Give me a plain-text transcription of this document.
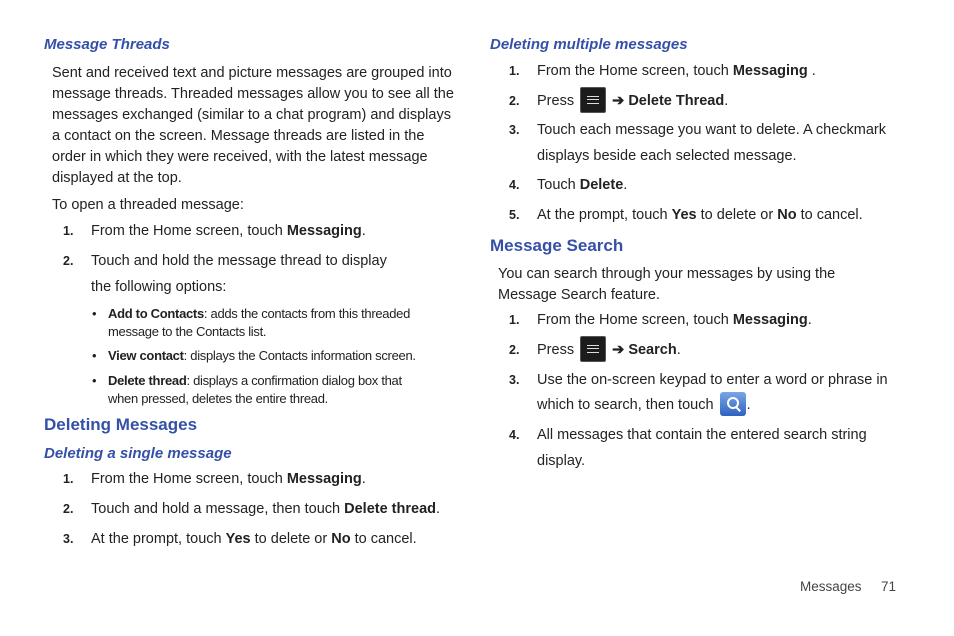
Message Threads

Sent and received text and picture messages are grouped into message threads. Threaded messages allow you to see all the messages exchanged (similar to a chat program) and displays a contact on the screen. Message threads are listed in the order in which they were received, with the latest message displayed at the top.

To open a threaded message:

1. From the Home screen, touch Messaging.
2. Touch and hold the message thread to display the following options:
• Add to Contacts: adds the contacts from this threaded message to the Contacts list.
• View contact: displays the Contacts information screen.
• Delete thread: displays a confirmation dialog box that when pressed, deletes the entire thread.
Deleting Messages
Deleting a single message
1. From the Home screen, touch Messaging.
2. Touch and hold a message, then touch Delete thread.
3. At the prompt, touch Yes to delete or No to cancel.
Deleting multiple messages
1. From the Home screen, touch Messaging .
2. Press
➔ Delete Thread.
3. Touch each message you want to delete. A checkmark displays beside each selected message.
4. Touch Delete.
5. At the prompt, touch Yes to delete or No to cancel.
Message Search

You can search through your messages by using the Message Search feature.

1. From the Home screen, touch Messaging.
2. Press
➔ Search.
3. Use the on-screen keypad to enter a word or phrase in
which to search, then touch
.
4. All messages that contain the entered search string display.
Messages 71
